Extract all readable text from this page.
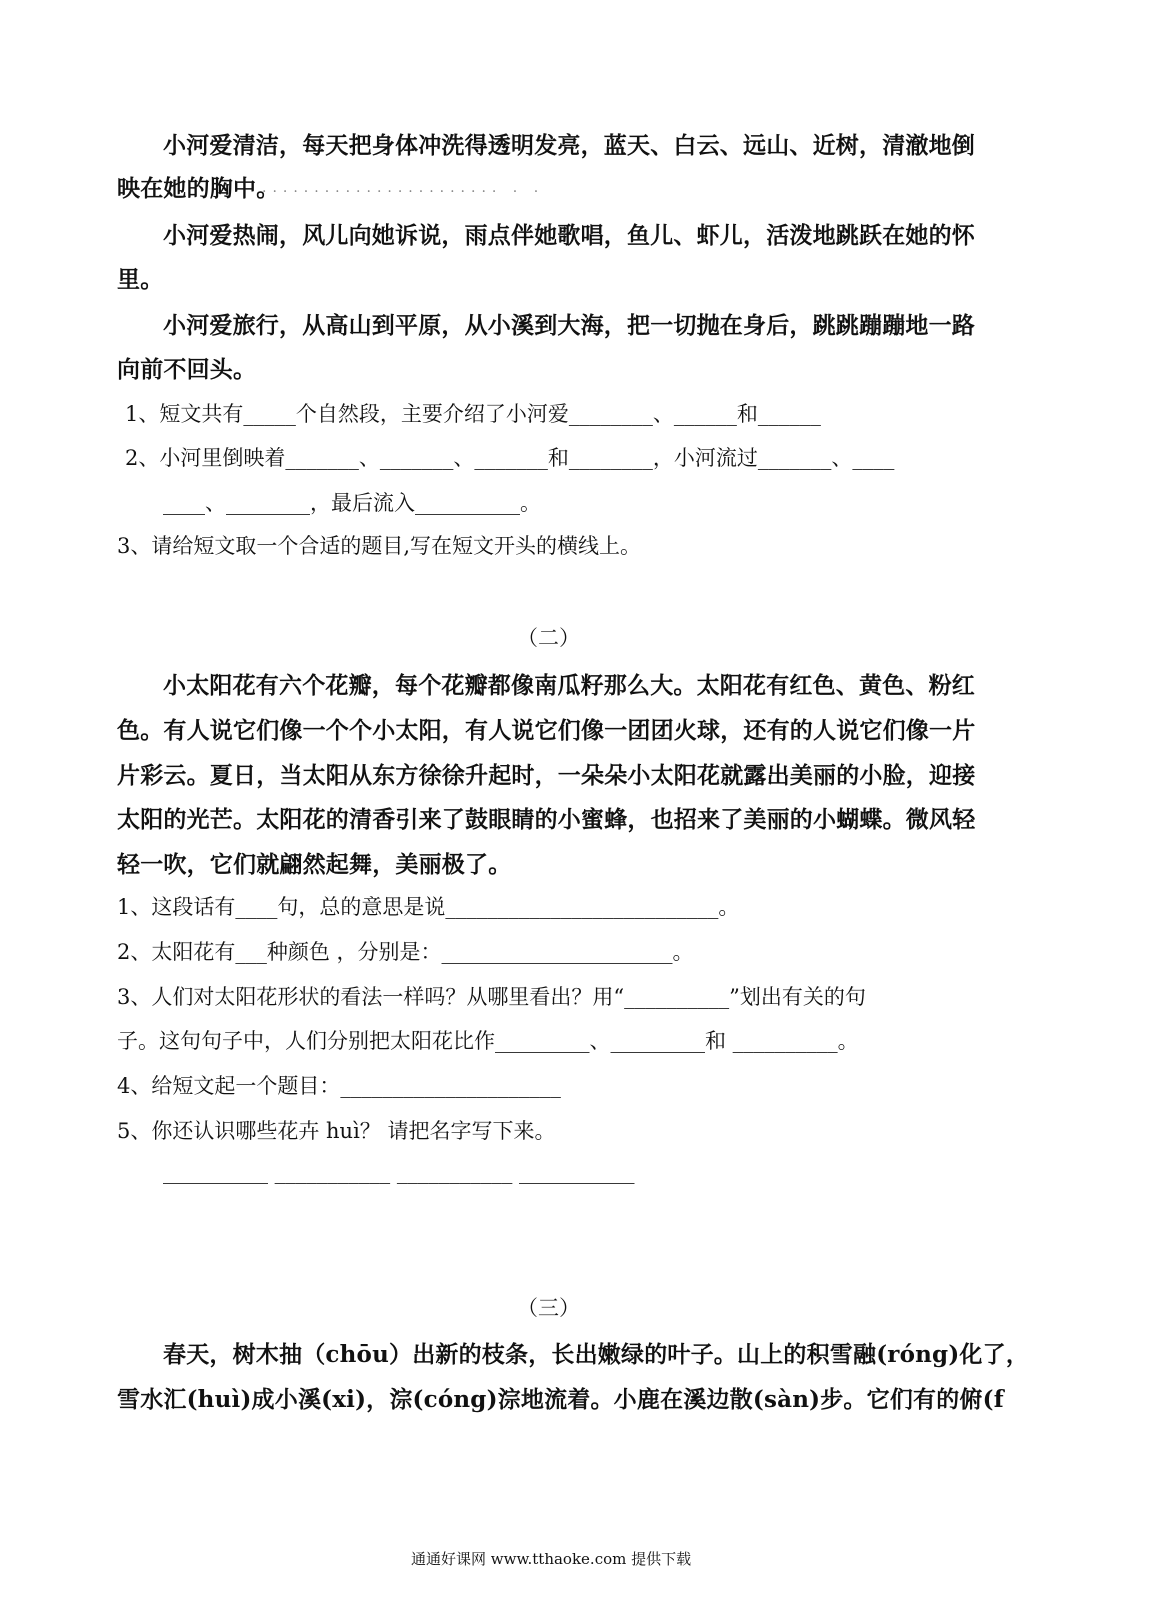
小河爱清洁，每天把身体冲洗得透明发亮，蓝天、白云、远山、近树，清澈地倒
映在她的胸中。
....................... . .
小河爱热闹，风儿向她诉说，雨点伴她歌唱，鱼儿、虾儿，活泼地跳跃在她的怀
里。
小河爱旅行，从高山到平原，从小溪到大海，把一切抛在身后，跳跳蹦蹦地一路
向前不回头。
1、短文共有_____个自然段，主要介绍了小河爱________、______和______
2、小河里倒映着_______、_______、_______和________，小河流过_______、____
____、________，最后流入__________。
3、请给短文取一个合适的题目,写在短文开头的横线上。
（二）
小太阳花有六个花瓣，每个花瓣都像南瓜籽那么大。太阳花有红色、黄色、粉红
色。有人说它们像一个个小太阳，有人说它们像一团团火球，还有的人说它们像一片
片彩云。夏日，当太阳从东方徐徐升起时，一朵朵小太阳花就露出美丽的小脸，迎接
太阳的光芒。太阳花的清香引来了鼓眼睛的小蜜蜂，也招来了美丽的小蝴蝶。微风轻
轻一吹，它们就翩然起舞，美丽极了。
1、这段话有____句，总的意思是说__________________________。
2、太阳花有___种颜色 ，分别是：______________________。
3、人们对太阳花形状的看法一样吗？从哪里看出？用“__________”划出有关的句
子。这句句子中，人们分别把太阳花比作_________、_________和 __________。
4、给短文起一个题目：_____________________
5、你还认识哪些花卉 huì？ 请把名字写下来。
__________ ___________ ___________ ___________
（三）
春天，树木抽（chōu）出新的枝条，长出嫩绿的叶子。山上的积雪融(róng)化了，
雪水汇(huì)成小溪(xi)，淙(cóng)淙地流着。小鹿在溪边散(sàn)步。它们有的俯(f
通通好课网 www.tthaoke.com 提供下载
